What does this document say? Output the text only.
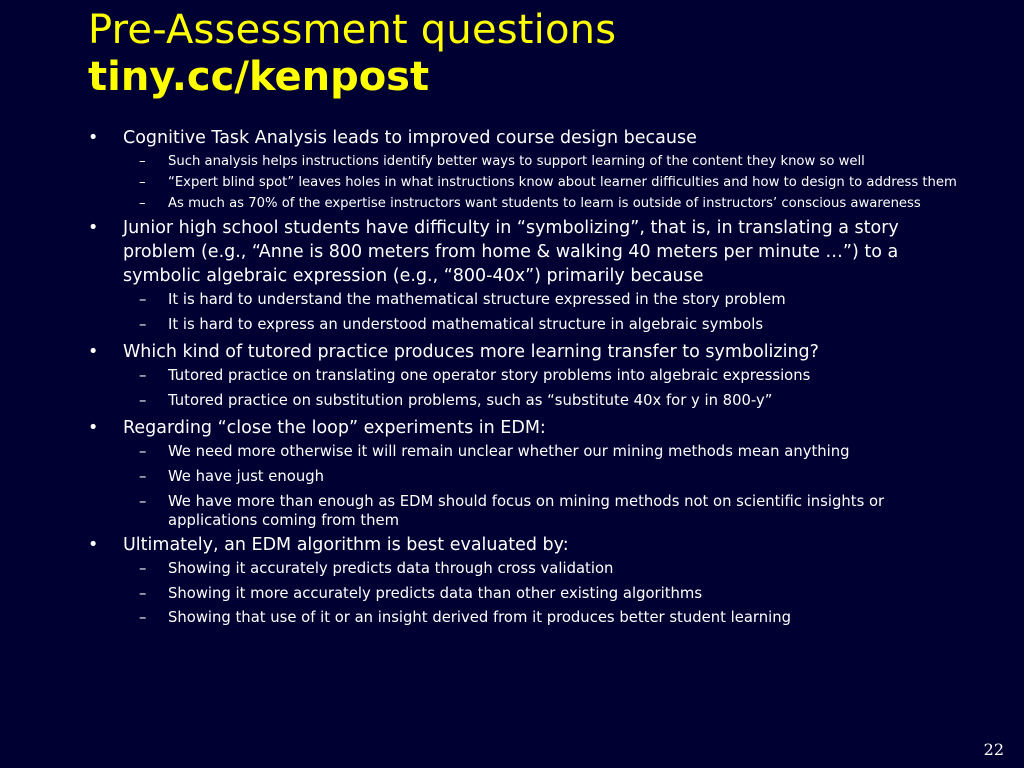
Pre-Assessment questions
tiny.cc/kenpost
• Cognitive Task Analysis leads to improved course design because
– Such analysis helps instructions identify better ways to support learning of the content they know so well
– “Expert blind spot” leaves holes in what instructions know about learner difficulties and how to design to address them
– As much as 70% of the expertise instructors want students to learn is outside of instructors’ conscious awareness
• Junior high school students have difficulty in “symbolizing”, that is, in translating a story problem (e.g., “Anne is 800 meters from home & walking 40 meters per minute …”) to a symbolic algebraic expression (e.g., “800-40x”) primarily because
– It is hard to understand the mathematical structure expressed in the story problem
– It is hard to express an understood mathematical structure in algebraic symbols
• Which kind of tutored practice produces more learning transfer to symbolizing?
– Tutored practice on translating one operator story problems into algebraic expressions
– Tutored practice on substitution problems, such as “substitute 40x for y in 800-y”
• Regarding “close the loop” experiments in EDM:
– We need more otherwise it will remain unclear whether our mining methods mean anything
– We have just enough
– We have more than enough as EDM should focus on mining methods not on scientific insights or applications coming from them
• Ultimately, an EDM algorithm is best evaluated by:
– Showing it accurately predicts data through cross validation
– Showing it more accurately predicts data than other existing algorithms
– Showing that use of it or an insight derived from it produces better student learning
22
